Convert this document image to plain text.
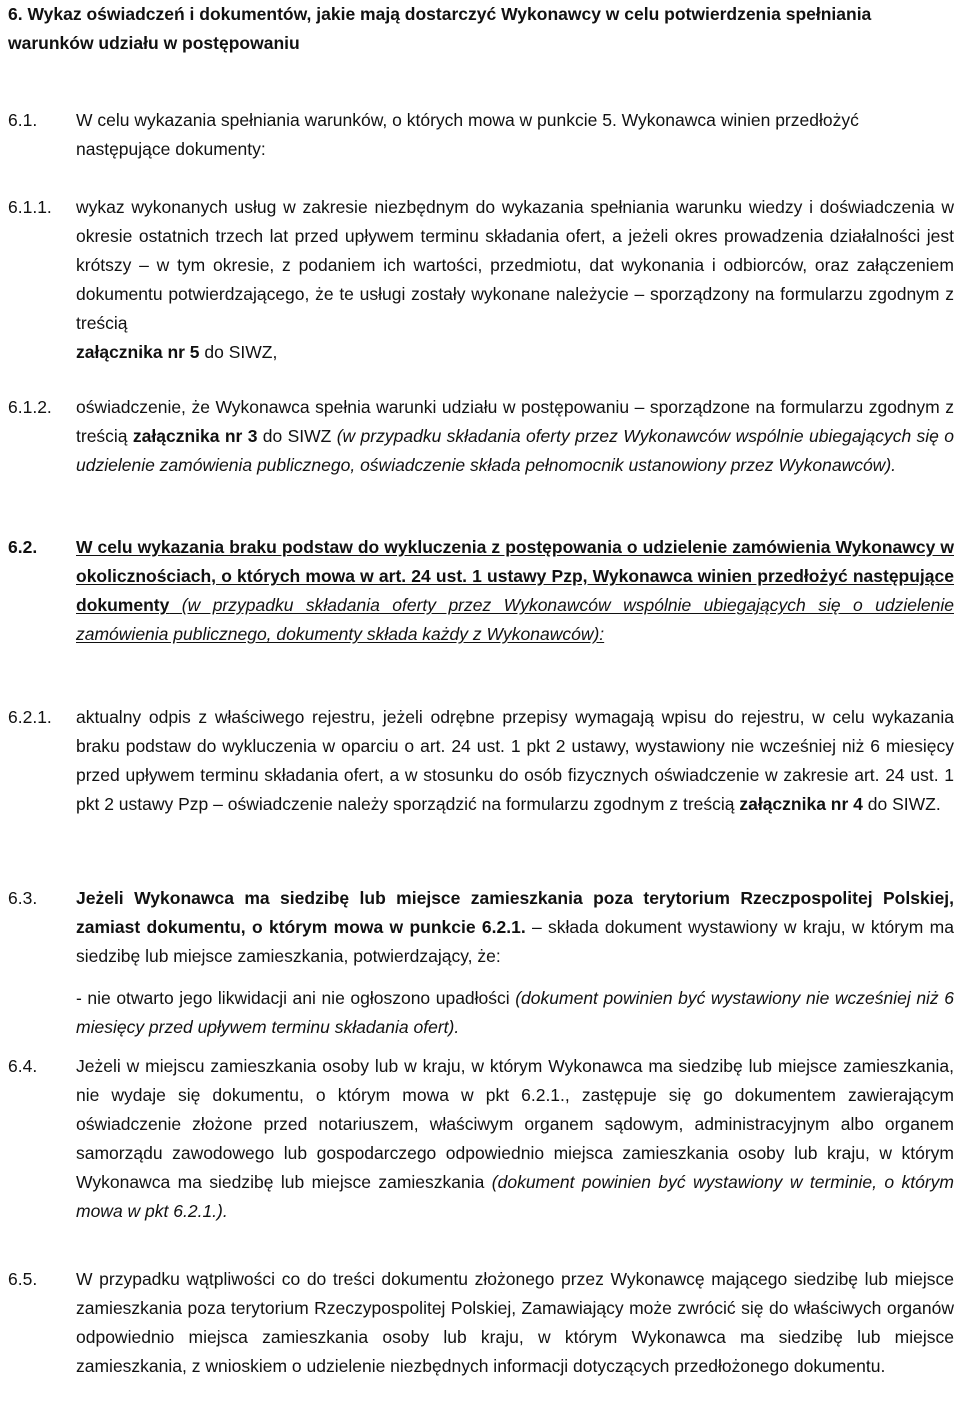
6. Wykaz oświadczeń i dokumentów, jakie mają dostarczyć Wykonawcy w celu potwierdzenia spełniania warunków udziału w postępowaniu

6.1.	W celu wykazania spełniania warunków, o których mowa w punkcie 5. Wykonawca winien przedłożyć następujące dokumenty:
6.1.1.	wykaz wykonanych usług w zakresie niezbędnym do wykazania spełniania warunku wiedzy i doświadczenia w okresie ostatnich trzech lat przed upływem terminu składania ofert, a jeżeli okres prowadzenia działalności jest krótszy – w tym okresie, z podaniem ich wartości, przedmiotu, dat wykonania i odbiorców, oraz załączeniem dokumentu potwierdzającego, że te usługi zostały wykonane należycie – sporządzony na formularzu zgodnym z treścią
załącznika nr 5 do SIWZ,
6.1.2.	oświadczenie, że Wykonawca spełnia warunki udziału w postępowaniu – sporządzone na formularzu zgodnym z treścią załącznika nr 3 do SIWZ (w przypadku składania oferty przez Wykonawców wspólnie ubiegających się o udzielenie zamówienia publicznego, oświadczenie składa pełnomocnik ustanowiony przez Wykonawców).
6.2.	W celu wykazania braku podstaw do wykluczenia z postępowania o udzielenie zamówienia Wykonawcy w okolicznościach, o których mowa w art. 24 ust. 1 ustawy Pzp, Wykonawca winien przedłożyć następujące dokumenty (w przypadku składania oferty przez Wykonawców wspólnie ubiegających się o udzielenie zamówienia publicznego, dokumenty składa każdy z Wykonawców):
6.2.1.	aktualny odpis z właściwego rejestru, jeżeli odrębne przepisy wymagają wpisu do rejestru, w celu wykazania braku podstaw do wykluczenia w oparciu o art. 24 ust. 1 pkt 2 ustawy, wystawiony nie wcześniej niż 6 miesięcy przed upływem terminu składania ofert, a w stosunku do osób fizycznych oświadczenie w zakresie art. 24 ust. 1 pkt 2 ustawy Pzp – oświadczenie należy sporządzić na formularzu zgodnym z treścią załącznika nr 4 do SIWZ.
6.3.	Jeżeli Wykonawca ma siedzibę lub miejsce zamieszkania poza terytorium Rzeczpospolitej Polskiej, zamiast dokumentu, o którym mowa w punkcie 6.2.1. – składa dokument wystawiony w kraju, w którym ma siedzibę lub miejsce zamieszkania, potwierdzający, że:
- nie otwarto jego likwidacji ani nie ogłoszono upadłości (dokument powinien być wystawiony nie wcześniej niż 6 miesięcy przed upływem terminu składania ofert).
6.4.	Jeżeli w miejscu zamieszkania osoby lub w kraju, w którym Wykonawca ma siedzibę lub miejsce zamieszkania, nie wydaje się dokumentu, o którym mowa w pkt 6.2.1., zastępuje się go dokumentem zawierającym oświadczenie złożone przed notariuszem, właściwym organem sądowym, administracyjnym albo organem samorządu zawodowego lub gospodarczego odpowiednio miejsca zamieszkania osoby lub kraju, w którym Wykonawca ma siedzibę lub miejsce zamieszkania (dokument powinien być wystawiony w terminie, o którym mowa w pkt 6.2.1.).
6.5.	W przypadku wątpliwości co do treści dokumentu złożonego przez Wykonawcę mającego siedzibę lub miejsce zamieszkania poza terytorium Rzeczypospolitej Polskiej, Zamawiający może zwrócić się do właściwych organów odpowiednio miejsca zamieszkania osoby lub kraju, w którym Wykonawca ma siedzibę lub miejsce zamieszkania, z wnioskiem o udzielenie niezbędnych informacji dotyczących przedłożonego dokumentu.
